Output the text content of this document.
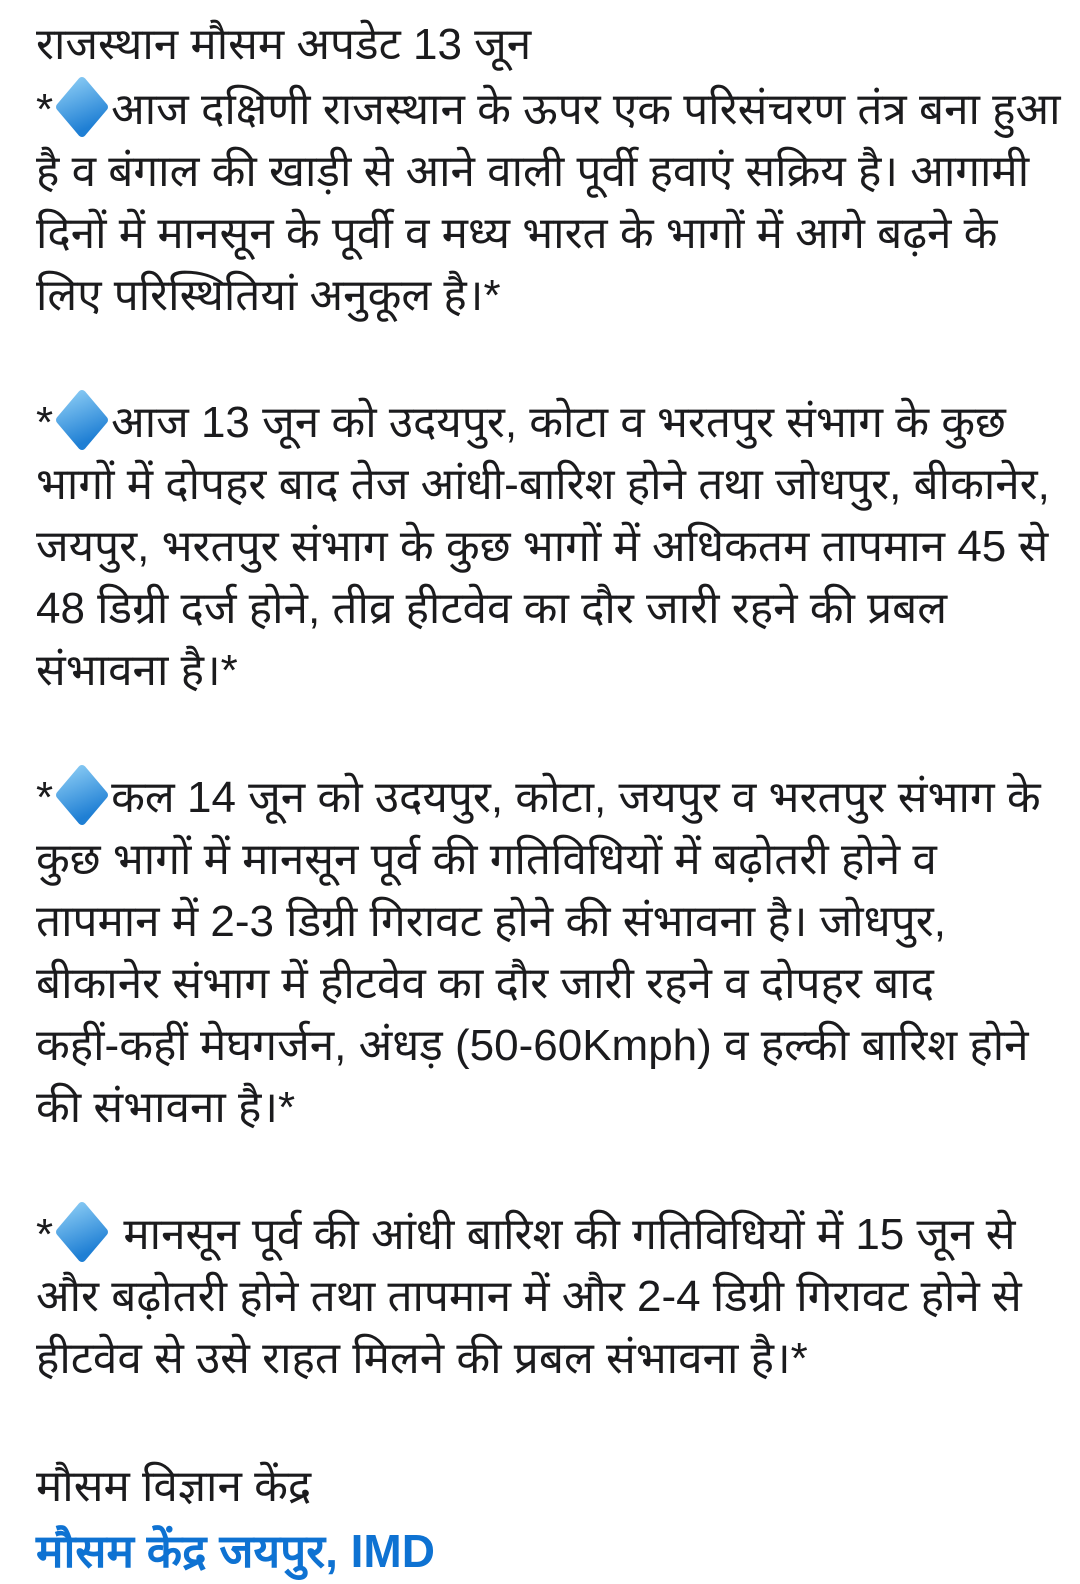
राजस्थान मौसम अपडेट 13 जून
* आज दक्षिणी राजस्थान के ऊपर एक परिसंचरण तंत्र बना हुआ
है व बंगाल की खाड़ी से आने वाली पूर्वी हवाएं सक्रिय है। आगामी
दिनों में मानसून के पूर्वी व मध्य भारत के भागों में आगे बढ़ने के
लिए परिस्थितियां अनुकूल है।*
* आज 13 जून को उदयपुर, कोटा व भरतपुर संभाग के कुछ
भागों में दोपहर बाद तेज आंधी-बारिश होने तथा जोधपुर, बीकानेर,
जयपुर, भरतपुर संभाग के कुछ भागों में अधिकतम तापमान 45 से
48 डिग्री दर्ज होने, तीव्र हीटवेव का दौर जारी रहने की प्रबल
संभावना है।*
* कल 14 जून को उदयपुर, कोटा, जयपुर व भरतपुर संभाग के
कुछ भागों में मानसून पूर्व की गतिविधियों में बढ़ोतरी होने व
तापमान में 2-3 डिग्री गिरावट होने की संभावना है। जोधपुर,
बीकानेर संभाग में हीटवेव का दौर जारी रहने व दोपहर बाद
कहीं-कहीं मेघगर्जन, अंधड़ (50-60Kmph) व हल्की बारिश होने
की संभावना है।*
* मानसून पूर्व की आंधी बारिश की गतिविधियों में 15 जून से
और बढ़ोतरी होने तथा तापमान में और 2-4 डिग्री गिरावट होने से
हीटवेव से उसे राहत मिलने की प्रबल संभावना है।*
मौसम विज्ञान केंद्र
मौसम केंद्र जयपुर, IMD
